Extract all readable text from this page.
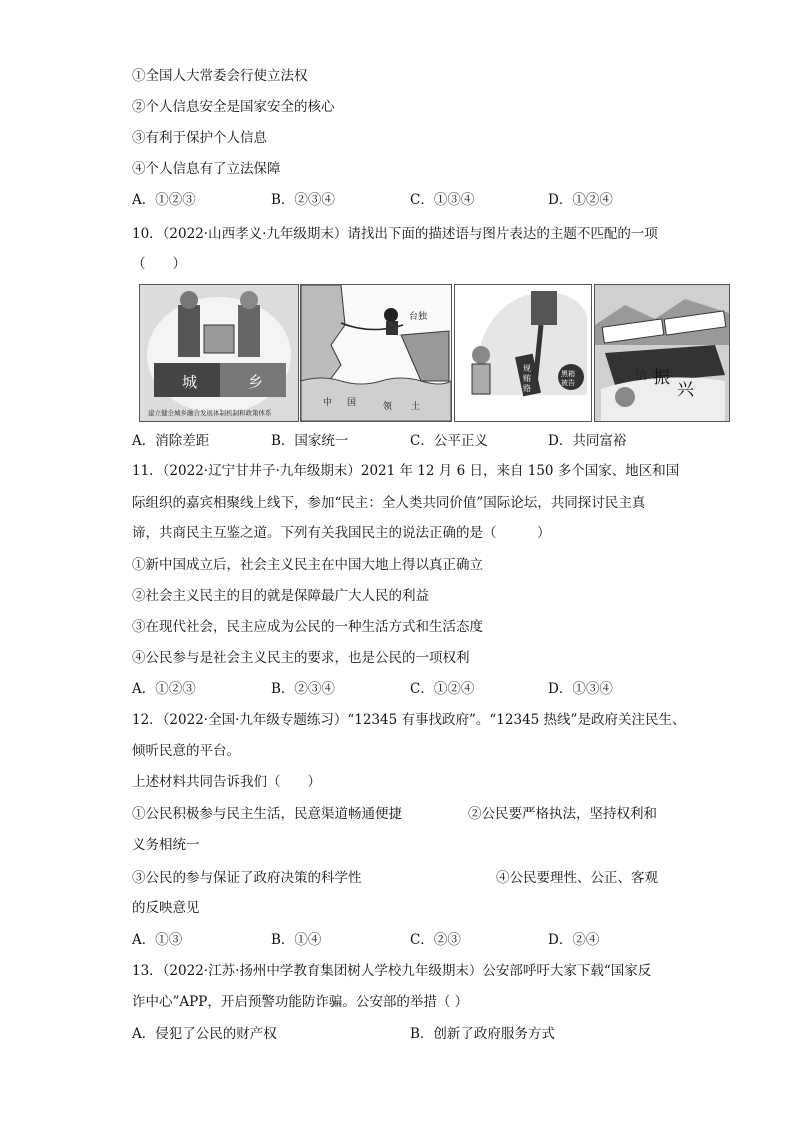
①全国人大常委会行使立法权
②个人信息安全是国家安全的核心
③有利于保护个人信息
④个人信息有了立法保障
A．①②③	B．②③④	C．①③④	D．①②④
10．（2022·山西孝义·九年级期末）请找出下面的描述语与图片表达的主题不匹配的一项
（　　）
城	乡
建立健全城乡融合发展体制机制和政策体系
台独
中 国	领 土
规
贿
赂
黑箱
被告	振
兴
纳
A．消除差距	B．国家统一	C．公平正义	D．共同富裕
11．（2022·辽宁甘井子·九年级期末）2021 年 12 月 6 日，来自 150 多个国家、地区和国
际组织的嘉宾相聚线上线下，参加“民主：全人类共同价值”国际论坛，共同探讨民主真
谛，共商民主互鉴之道。下列有关我国民主的说法正确的是（　　　）
①新中国成立后，社会主义民主在中国大地上得以真正确立
②社会主义民主的目的就是保障最广大人民的利益
③在现代社会，民主应成为公民的一种生活方式和生活态度
④公民参与是社会主义民主的要求，也是公民的一项权利
A．①②③	B．②③④	C．①②④	D．①③④
12．（2022·全国·九年级专题练习）“12345 有事找政府”。“12345 热线”是政府关注民生、
倾听民意的平台。
上述材料共同告诉我们（　　）
①公民积极参与民主生活，民意渠道畅通便捷	②公民要严格执法，坚持权利和
义务相统一
③公民的参与保证了政府决策的科学性	④公民要理性、公正、客观
的反映意见
A．①③	B．①④	C．②③	D．②④
13．（2022·江苏·扬州中学教育集团树人学校九年级期末）公安部呼吁大家下载“国家反
诈中心”APP，开启预警功能防诈骗。公安部的举措（ ）
A．侵犯了公民的财产权	B．创新了政府服务方式
